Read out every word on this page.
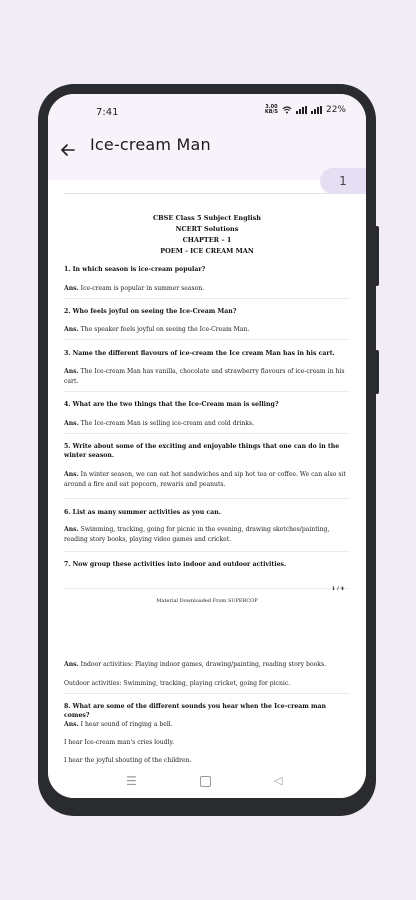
7:41	3.00
KB/S	22%
Ice-cream Man
1
CBSE Class 5 Subject English
NCERT Solutions
CHAPTER – 1
POEM - ICE CREAM MAN
1. In which season is ice-cream popular?
Ans. Ice-cream is popular in summer season.
2. Who feels joyful on seeing the Ice-Cream Man?
Ans. The speaker feels joyful on seeing the Ice-Cream Man.
3. Name the different flavours of ice-cream the Ice cream Man has in his cart.
Ans. The Ice-cream Man has vanilla, chocolate and strawberry flavours of ice-cream in his cart.
4. What are the two things that the Ice-Cream man is selling?
Ans. The Ice-cream Man is selling ice-cream and cold drinks.
5. Write about some of the exciting and enjoyable things that one can do in the winter season.
Ans. In winter season, we can eat hot sandwiches and sip hot tea or coffee. We can also sit around a fire and eat popcorn, rewaris and peanuts.
6. List as many summer activities as you can.
Ans. Swimming, tracking, going for picnic in the evening, drawing sketches/painting, reading story books, playing video games and cricket.
7. Now group these activities into indoor and outdoor activities.
1 / 4
Material Downloaded From SUPERCOP
Ans. Indoor activities: Playing indoor games, drawing/painting, reading story books.
Outdoor activities: Swimming, tracking, playing cricket, going for picnic.
8. What are some of the different sounds you hear when the Ice-cream man comes?
Ans. I hear sound of ringing a bell.
I hear Ice-cream man's cries loudly.
I hear the joyful shouting of the children.
☰	◁
